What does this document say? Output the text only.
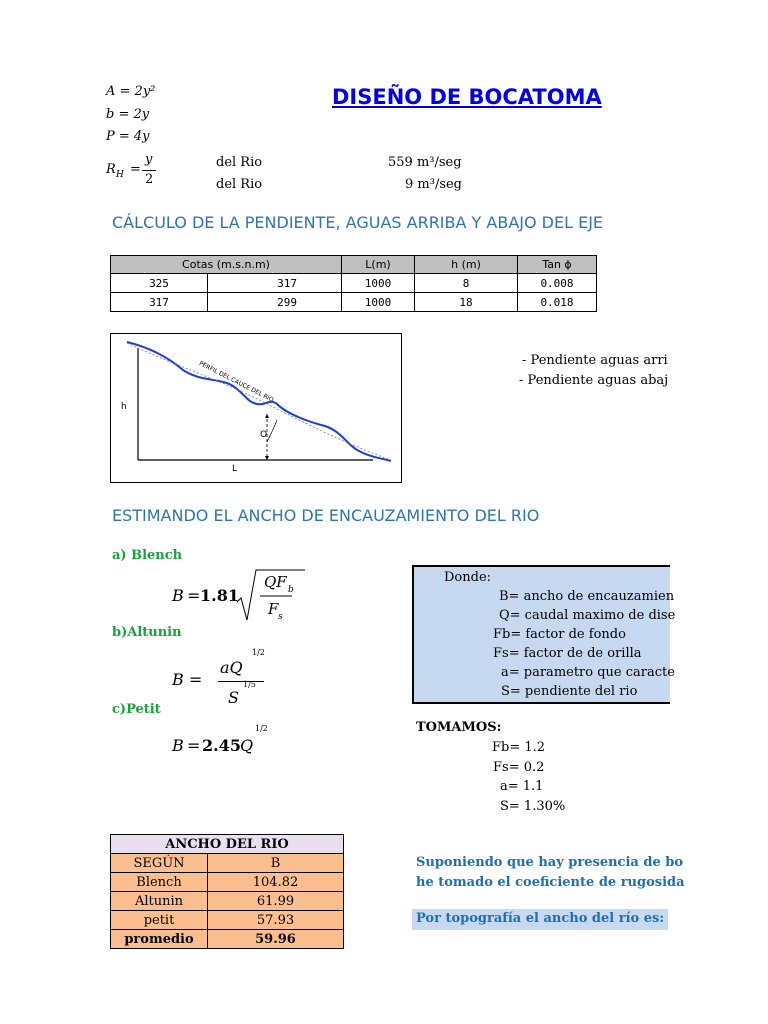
A = 2y²
b = 2y
P = 4y
R H =
y
2
DISEÑO DE BOCATOMA
del Rio	559 m³/seg
del Rio	9 m³/seg
CÁLCULO DE LA PENDIENTE, AGUAS ARRIBA Y ABAJO DEL EJE
Cotas (m.s.n.m)		L(m)	h (m)	Tan ϕ
325	317	1000	8	0.008
317	299	1000	18	0.018
PERFIL DEL CAUCE DEL RIO
h
L
O
- Pendiente aguas arri
- Pendiente aguas abaj
ESTIMANDO EL ANCHO DE ENCAUZAMIENTO DEL RIO
a) Blench
B = 1.81
QF b
F s
b)Altunin
B =
aQ
1/2
S
1/5
c)Petit
B = 2.45 Q
1/2
Donde:
B= ancho de encauzamien
Q= caudal maximo de dise
Fb= factor de fondo
Fs= factor de de orilla
a= parametro que caracte
S= pendiente del rio
TOMAMOS:
Fb= 1.2
Fs= 0.2
a= 1.1
S= 1.30%
ANCHO DEL RIO	
SEGÚN	B
Blench	104.82
Altunin	61.99
petit	57.93
promedio	59.96
Suponiendo que hay presencia de bo
he tomado el coeficiente de rugosida
Por topografía el ancho del río es:
